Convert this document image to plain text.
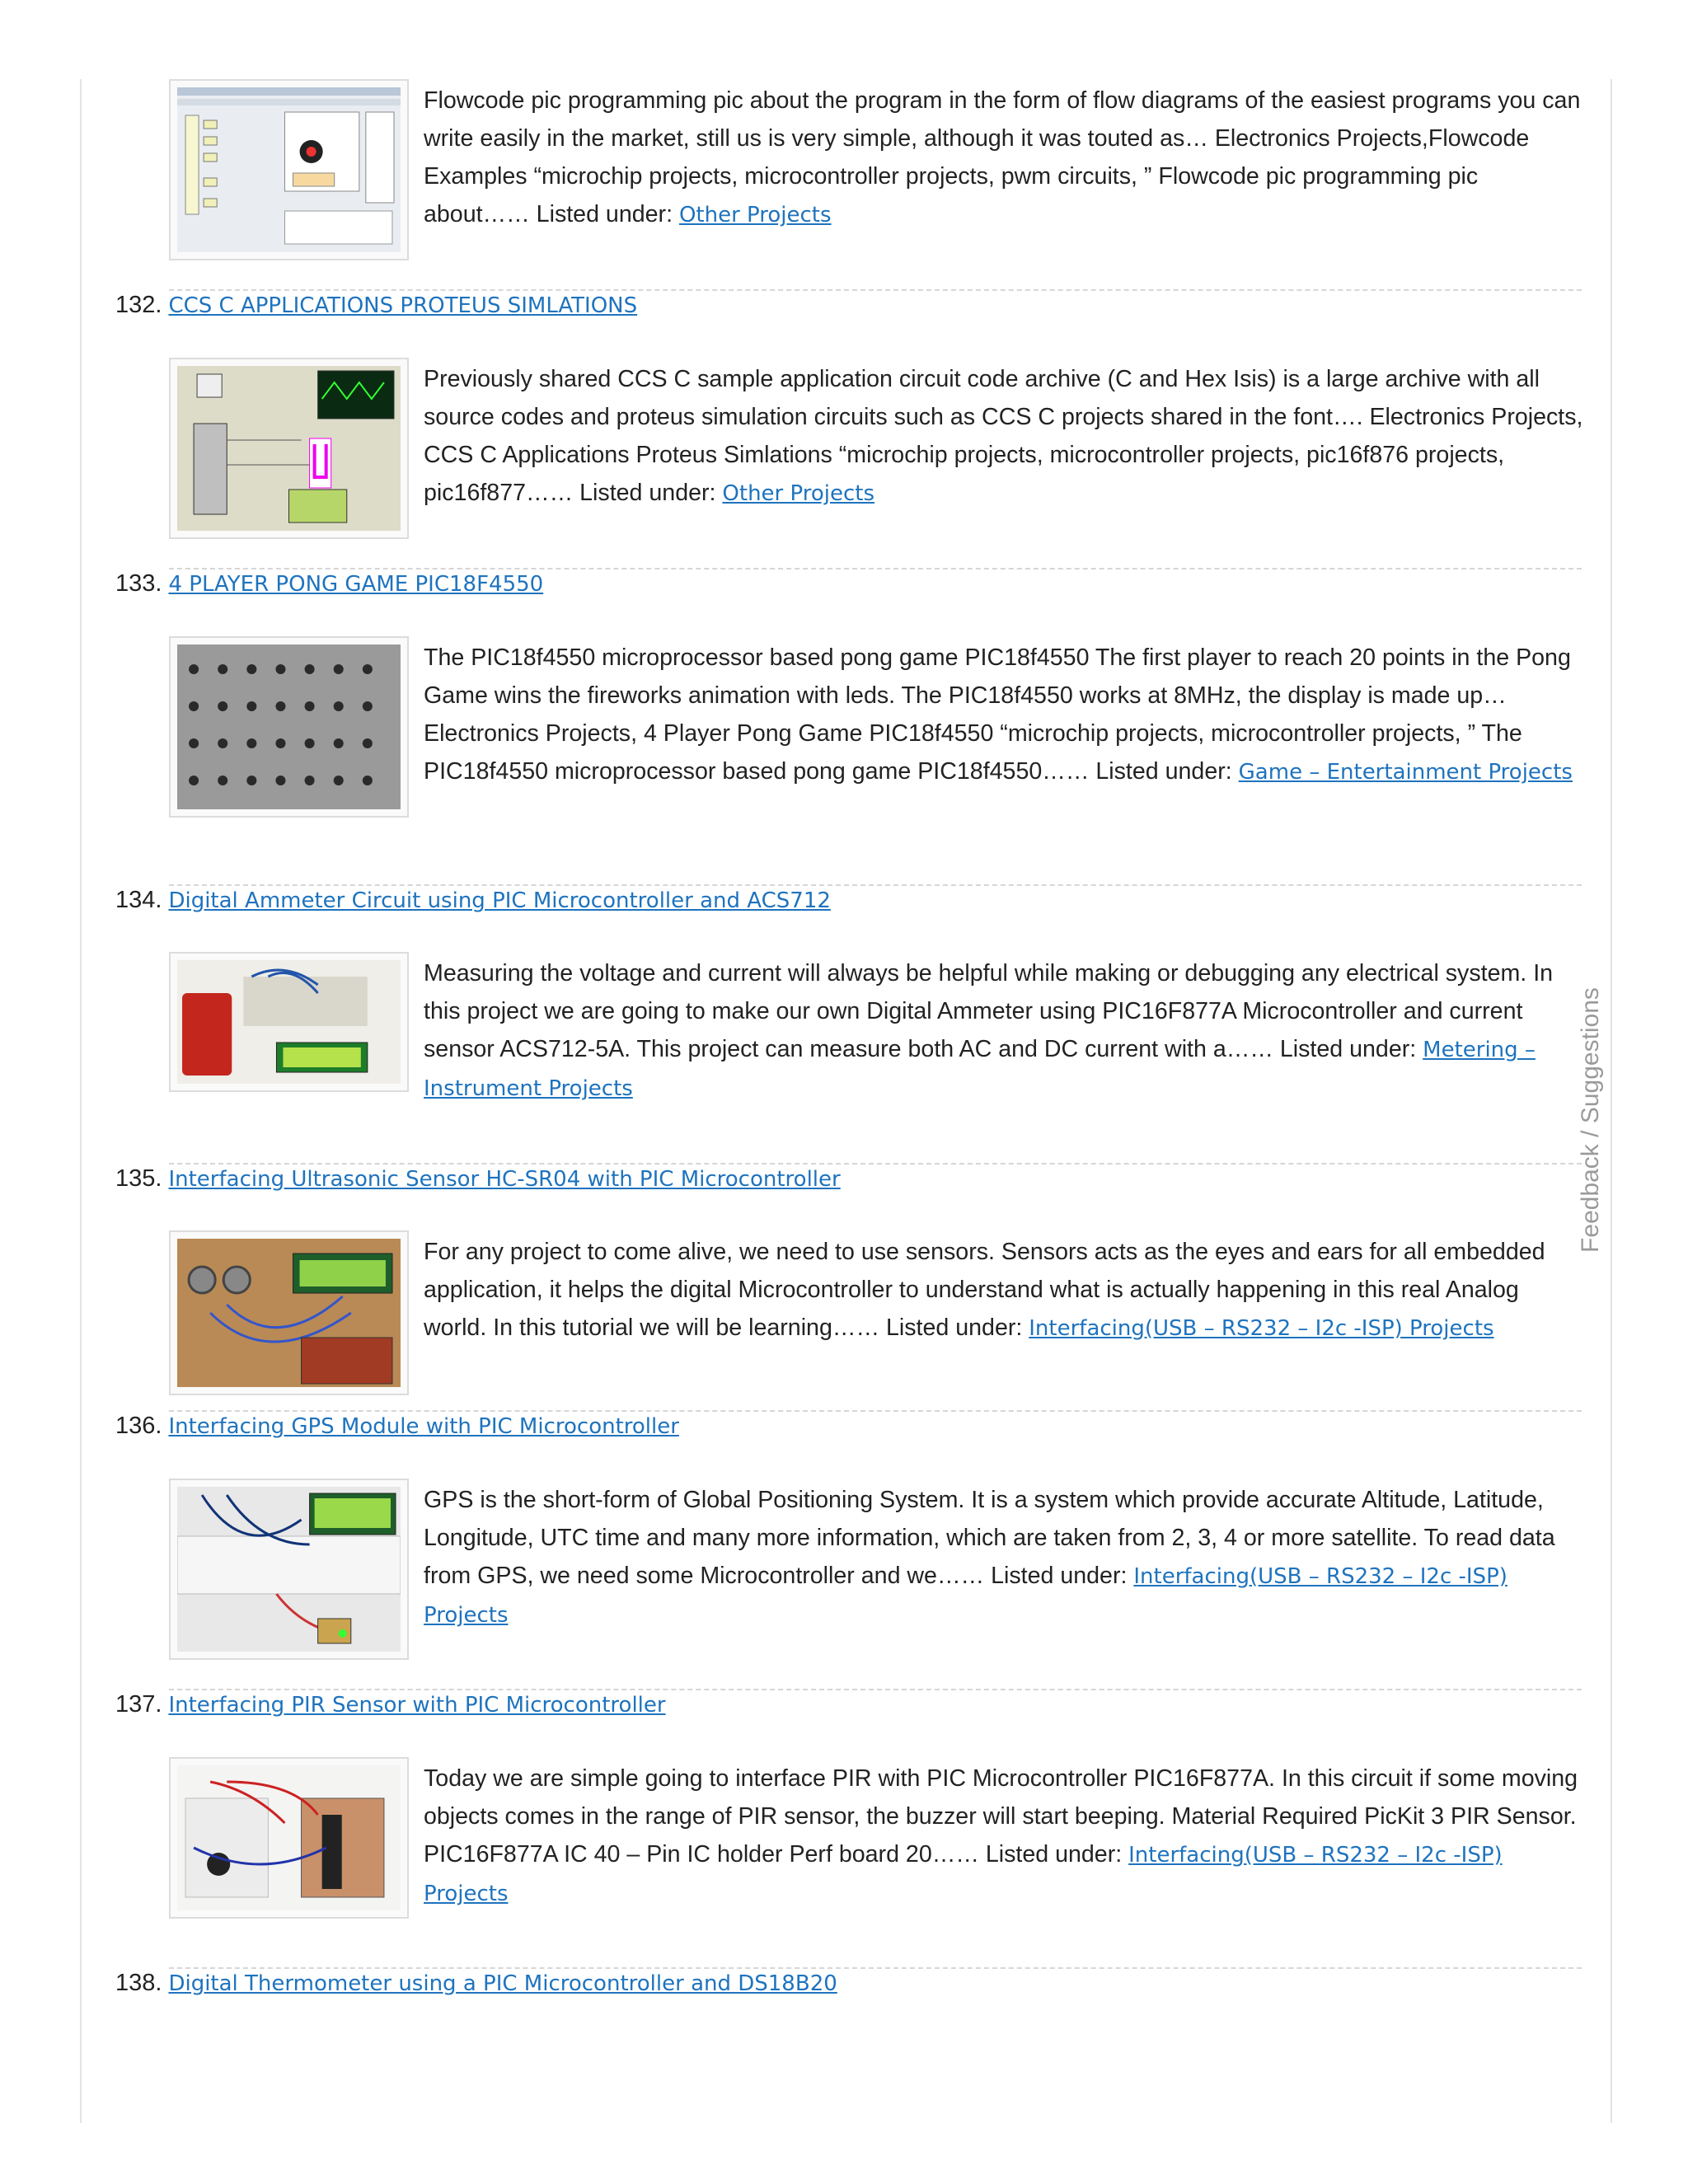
Feedback / Suggestions
Flowcode pic programming pic about the program in the form of flow diagrams of the easiest programs you can write easily in the market, still us is very simple, although it was touted as… Electronics Projects,Flowcode Examples “microchip projects, microcontroller projects, pwm circuits, ” Flowcode pic programming pic about…… Listed under: Other Projects
132. CCS C APPLICATIONS PROTEUS SIMLATIONS
Previously shared CCS C sample application circuit code archive (C and Hex Isis) is a large archive with all source codes and proteus simulation circuits such as CCS C projects shared in the font…. Electronics Projects, CCS C Applications Proteus Simlations “microchip projects, microcontroller projects, pic16f876 projects, pic16f877…… Listed under: Other Projects
133. 4 PLAYER PONG GAME PIC18F4550
The PIC18f4550 microprocessor based pong game PIC18f4550 The first player to reach 20 points in the Pong Game wins the fireworks animation with leds. The PIC18f4550 works at 8MHz, the display is made up… Electronics Projects, 4 Player Pong Game PIC18f4550 “microchip projects, microcontroller projects, ” The PIC18f4550 microprocessor based pong game PIC18f4550…… Listed under: Game – Entertainment Projects
134. Digital Ammeter Circuit using PIC Microcontroller and ACS712
Measuring the voltage and current will always be helpful while making or debugging any electrical system. In this project we are going to make our own Digital Ammeter using PIC16F877A Microcontroller and current sensor ACS712-5A. This project can measure both AC and DC current with a…… Listed under: Metering – Instrument Projects
135. Interfacing Ultrasonic Sensor HC-SR04 with PIC Microcontroller
For any project to come alive, we need to use sensors. Sensors acts as the eyes and ears for all embedded application, it helps the digital Microcontroller to understand what is actually happening in this real Analog world. In this tutorial we will be learning…… Listed under: Interfacing(USB – RS232 – I2c -ISP) Projects
136. Interfacing GPS Module with PIC Microcontroller
GPS is the short-form of Global Positioning System. It is a system which provide accurate Altitude, Latitude, Longitude, UTC time and many more information, which are taken from 2, 3, 4 or more satellite. To read data from GPS, we need some Microcontroller and we…… Listed under: Interfacing(USB – RS232 – I2c -ISP) Projects
137. Interfacing PIR Sensor with PIC Microcontroller
Today we are simple going to interface PIR with PIC Microcontroller PIC16F877A. In this circuit if some moving objects comes in the range of PIR sensor, the buzzer will start beeping. Material Required PicKit 3 PIR Sensor. PIC16F877A IC 40 – Pin IC holder Perf board 20…… Listed under: Interfacing(USB – RS232 – I2c -ISP) Projects
138. Digital Thermometer using a PIC Microcontroller and DS18B20
